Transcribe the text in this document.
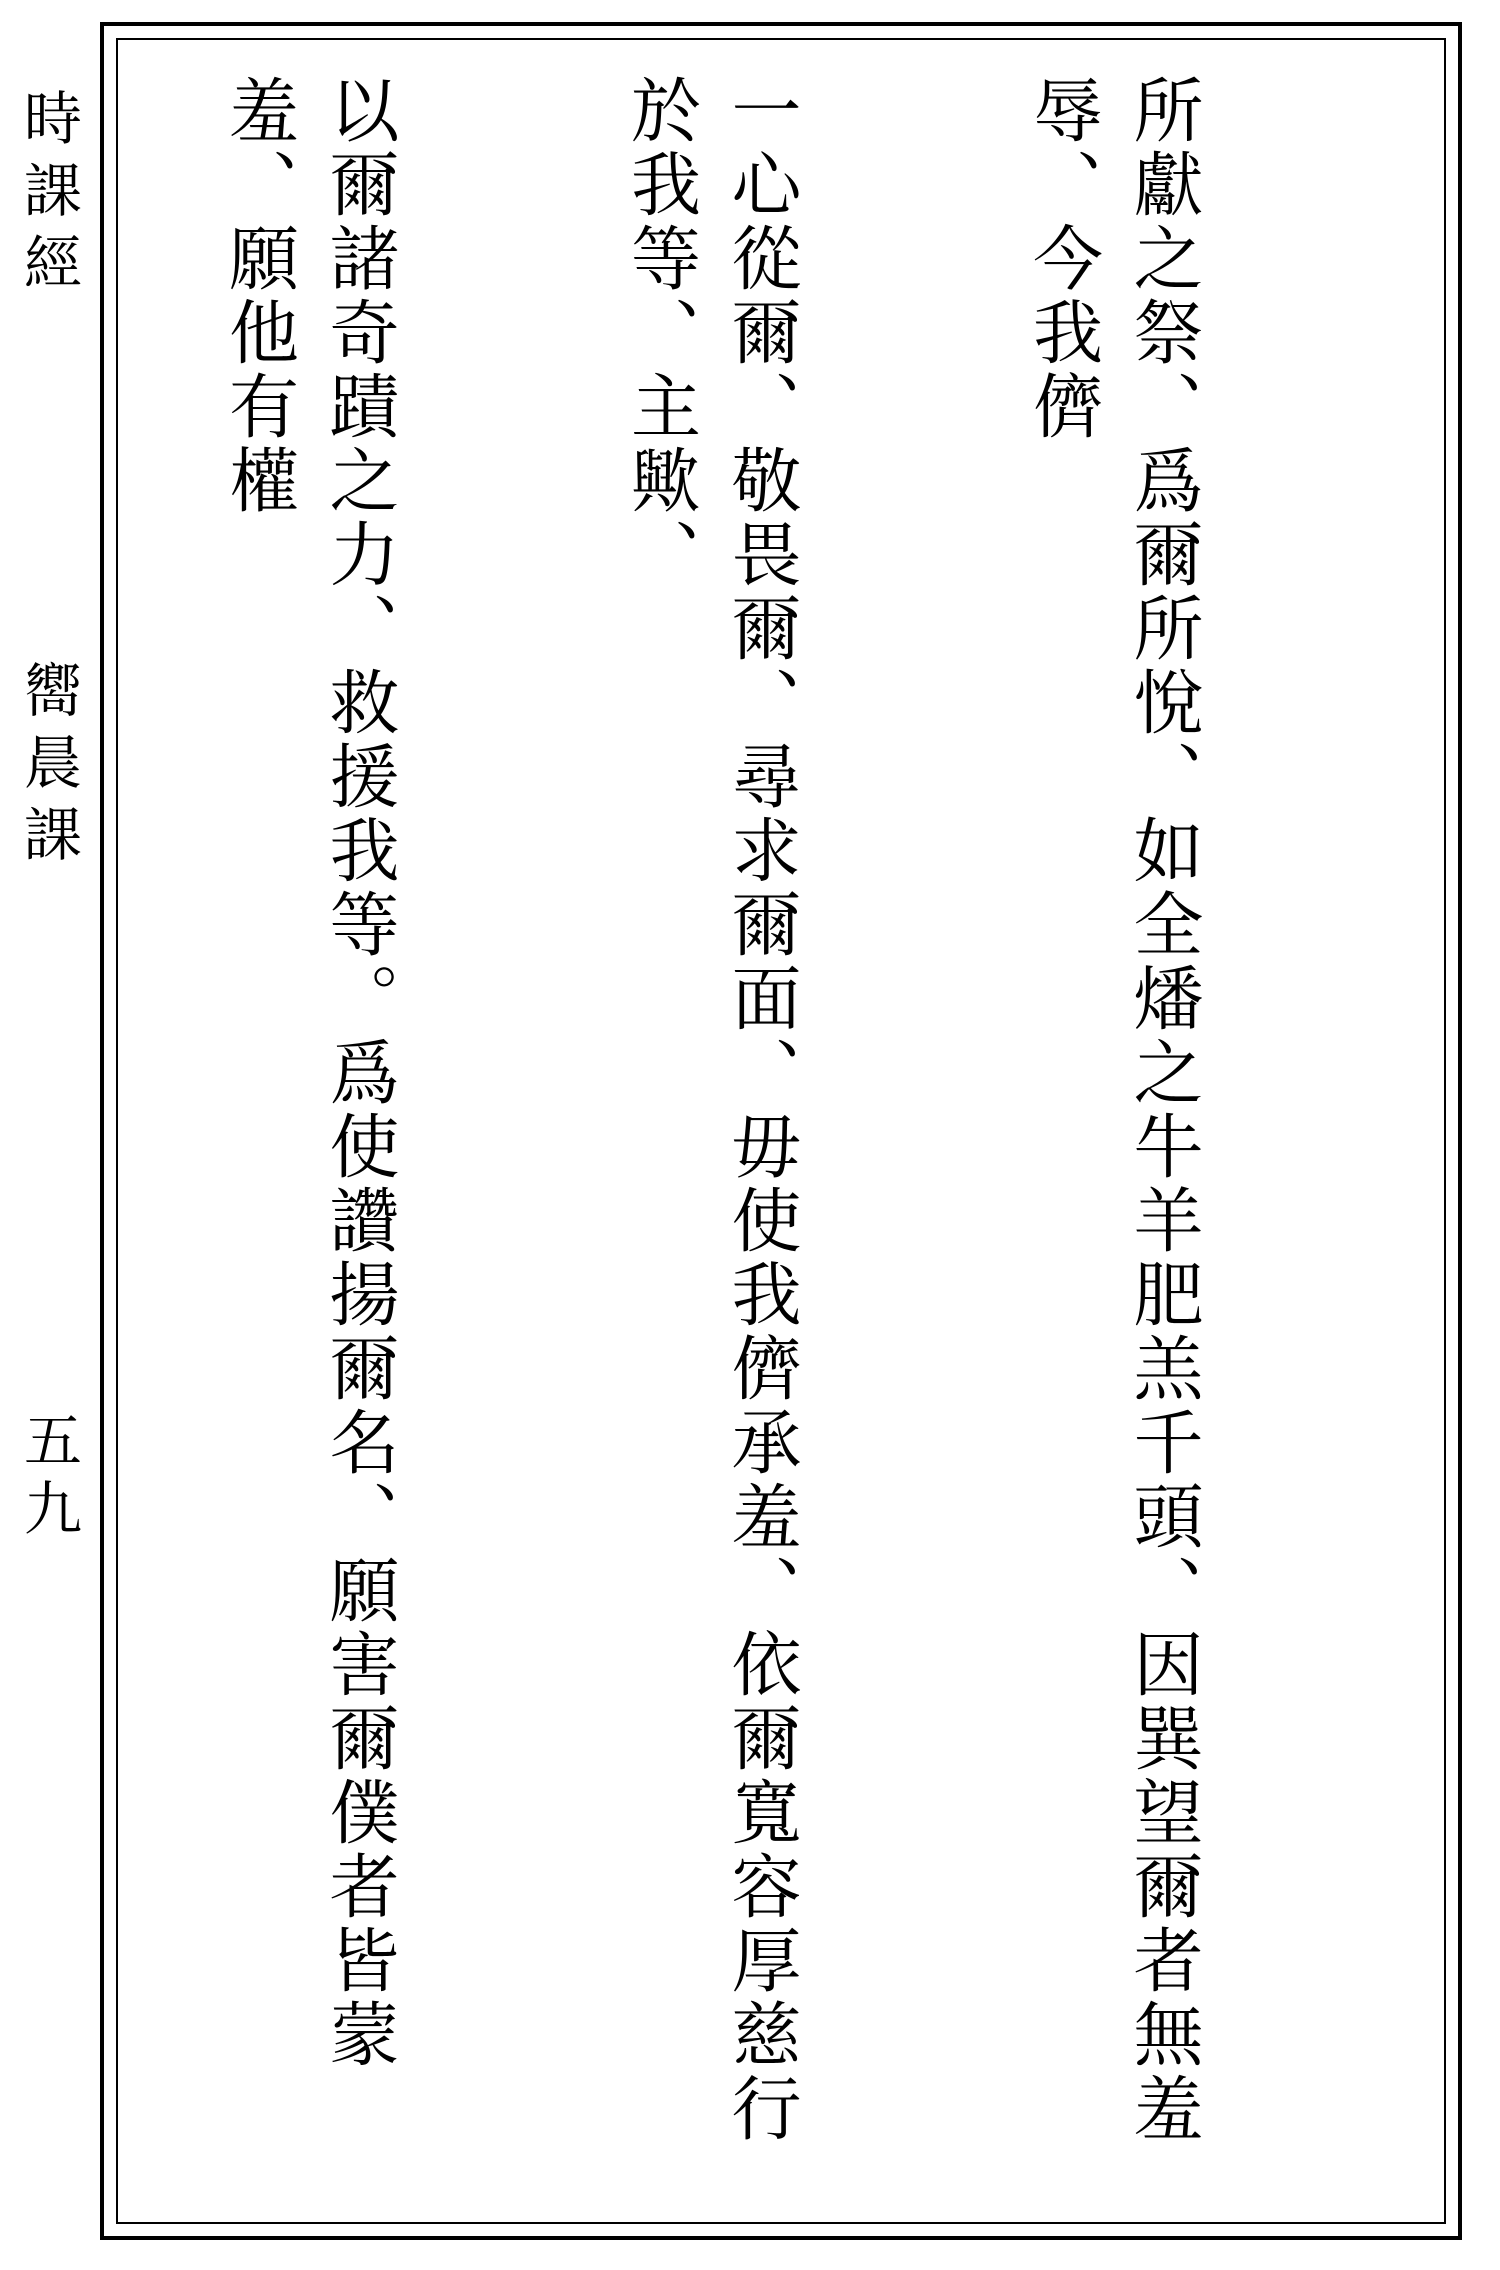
時課經
嚮晨課
五九

	所獻之祭、爲爾所悅、如全燔之牛羊肥羔千頭、因巽望爾者無羞辱、今我儕

一心從爾、敬畏爾、尋求爾面、毋使我儕承羞、依爾寬容厚慈行於我等、主歟、

以爾諸奇蹟之力、救援我等。爲使讚揚爾名、願害爾僕者皆蒙羞、願他有權
